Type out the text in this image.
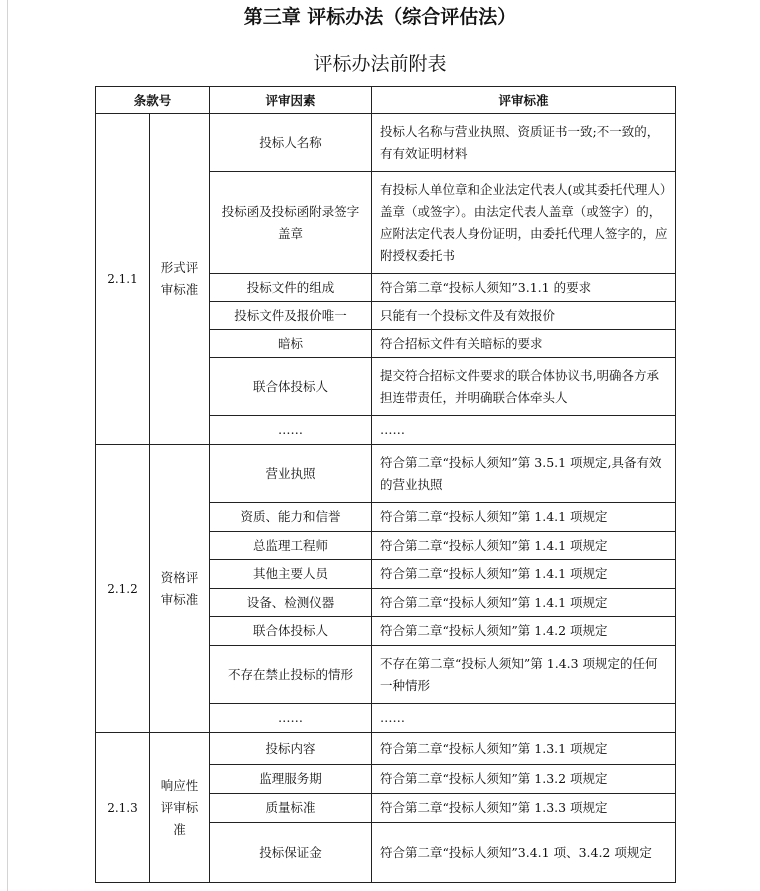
第三章 评标办法（综合评估法）
评标办法前附表
条款号		评审因素	评审标准
2.1.1	形式评审标准	投标人名称	投标人名称与营业执照、资质证书一致;不一致的，有有效证明材料
		投标函及投标函附录签字盖章	有投标人单位章和企业法定代表人(或其委托代理人）盖章（或签字）。由法定代表人盖章（或签字）的，应附法定代表人身份证明，由委托代理人签字的，应附授权委托书
		投标文件的组成	符合第二章“投标人须知”3.1.1 的要求
		投标文件及报价唯一	只能有一个投标文件及有效报价
		暗标	符合招标文件有关暗标的要求
		联合体投标人	提交符合招标文件要求的联合体协议书,明确各方承担连带责任，并明确联合体牵头人
		……	……
2.1.2	资格评审标准	营业执照	符合第二章“投标人须知”第 3.5.1 项规定,具备有效的营业执照
		资质、能力和信誉	符合第二章“投标人须知”第 1.4.1 项规定
		总监理工程师	符合第二章“投标人须知”第 1.4.1 项规定
		其他主要人员	符合第二章“投标人须知”第 1.4.1 项规定
		设备、检测仪器	符合第二章“投标人须知”第 1.4.1 项规定
		联合体投标人	符合第二章“投标人须知”第 1.4.2 项规定
		不存在禁止投标的情形	不存在第二章“投标人须知”第 1.4.3 项规定的任何一种情形
		……	……
2.1.3	响应性评审标准	投标内容	符合第二章“投标人须知”第 1.3.1 项规定
		监理服务期	符合第二章“投标人须知”第 1.3.2 项规定
		质量标准	符合第二章“投标人须知”第 1.3.3 项规定
		投标保证金	符合第二章“投标人须知”3.4.1 项、3.4.2 项规定
